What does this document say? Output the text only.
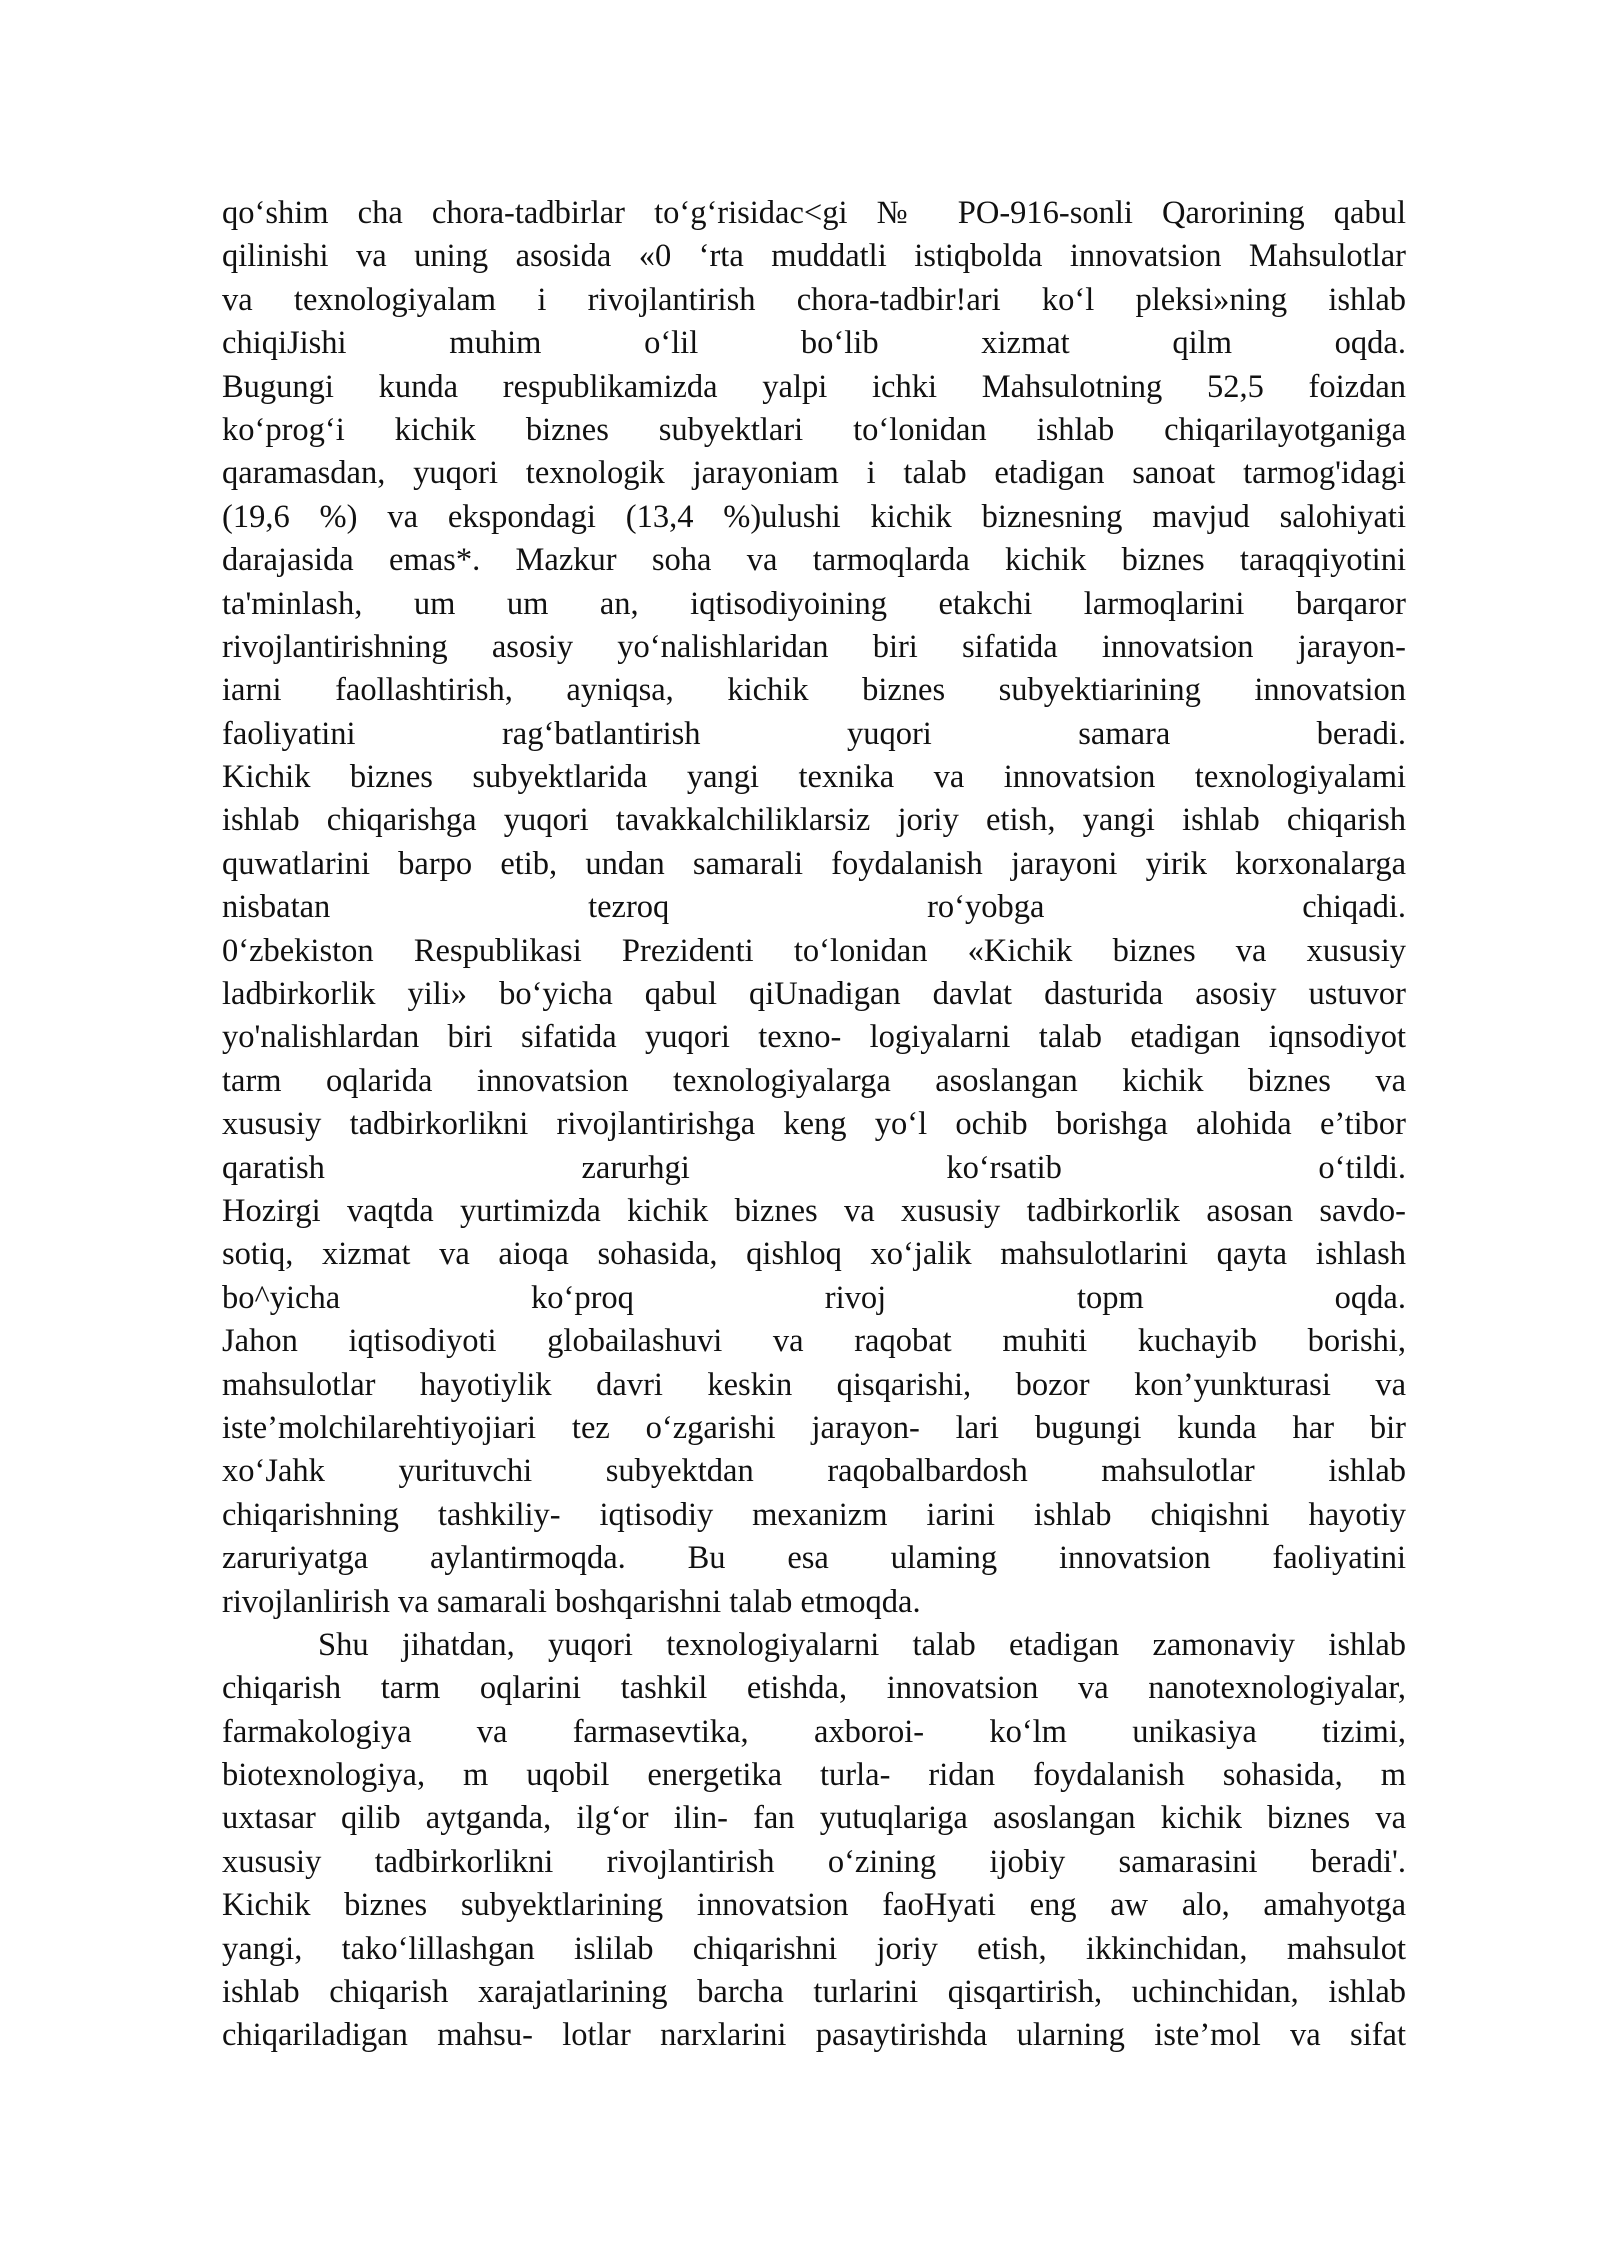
qo‘shim cha chora-tadbirlar to‘g‘risidac<gi № PO-916-sonli Qarorining qabul
qilinishi va uning asosida «0 ‘rta muddatli istiqbolda innovatsion Mahsulotlar
va texnologiyalam i rivojlantirish chora-tadbir!ari ko‘l pleksi»ning ishlab
chiqiJishi muhim o‘lil bo‘lib xizmat qilm oqda.
Bugungi kunda respublikamizda yalpi ichki Mahsulotning 52,5 foizdan
ko‘prog‘i kichik biznes subyektlari to‘lonidan ishlab chiqarilayotganiga
qaramasdan, yuqori texnologik jarayoniam i talab etadigan sanoat tarmog'idagi
(19,6 %) va ekspondagi (13,4 %)ulushi kichik biznesning mavjud salohiyati
darajasida emas*. Mazkur soha va tarmoqlarda kichik biznes taraqqiyotini
ta'minlash, um um an, iqtisodiyoining etakchi larmoqlarini barqaror
rivojlantirishning asosiy yo‘nalishlaridan biri sifatida innovatsion jarayon-
iarni faollashtirish, ayniqsa, kichik biznes subyektiarining innovatsion
faoliyatini rag‘batlantirish yuqori samara beradi.
Kichik biznes subyektlarida yangi texnika va innovatsion texnologiyalami
ishlab chiqarishga yuqori tavakkalchiliklarsiz joriy etish, yangi ishlab chiqarish
quwatlarini barpo etib, undan samarali foydalanish jarayoni yirik korxonalarga
nisbatan tezroq ro‘yobga chiqadi.
0‘zbekiston Respublikasi Prezidenti to‘lonidan «Kichik biznes va xususiy
ladbirkorlik yili» bo‘yicha qabul qiUnadigan davlat dasturida asosiy ustuvor
yo'nalishlardan biri sifatida yuqori texno- logiyalarni talab etadigan iqnsodiyot
tarm oqlarida innovatsion texnologiyalarga asoslangan kichik biznes va
xususiy tadbirkorlikni rivojlantirishga keng yo‘l ochib borishga alohida e’tibor
qaratish zarurhgi ko‘rsatib o‘tildi.
Hozirgi vaqtda yurtimizda kichik biznes va xususiy tadbirkorlik asosan savdo-
sotiq, xizmat va aioqa sohasida, qishloq xo‘jalik mahsulotlarini qayta ishlash
bo^yicha ko‘proq rivoj topm oqda.
Jahon iqtisodiyoti globailashuvi va raqobat muhiti kuchayib borishi,
mahsulotlar hayotiylik davri keskin qisqarishi, bozor kon’yunkturasi va
iste’molchilarehtiyojiari tez o‘zgarishi jarayon- lari bugungi kunda har bir
xo‘Jahk yurituvchi subyektdan raqobalbardosh mahsulotlar ishlab
chiqarishning tashkiliy- iqtisodiy mexanizm iarini ishlab chiqishni hayotiy
zaruriyatga aylantirmoqda. Bu esa ulaming innovatsion faoliyatini
rivojlanlirish va samarali boshqarishni talab etmoqda.
Shu jihatdan, yuqori texnologiyalarni talab etadigan zamonaviy ishlab
chiqarish tarm oqlarini tashkil etishda, innovatsion va nanotexnologiyalar,
farmakologiya va farmasevtika, axboroi- ko‘lm unikasiya tizimi,
biotexnologiya, m uqobil energetika turla- ridan foydalanish sohasida, m
uxtasar qilib aytganda, ilg‘or ilin- fan yutuqlariga asoslangan kichik biznes va
xususiy tadbirkorlikni rivojlantirish o‘zining ijobiy samarasini beradi'.
Kichik biznes subyektlarining innovatsion faoHyati eng aw alo, amahyotga
yangi, tako‘lillashgan islilab chiqarishni joriy etish, ikkinchidan, mahsulot
ishlab chiqarish xarajatlarining barcha turlarini qisqartirish, uchinchidan, ishlab
chiqariladigan mahsu- lotlar narxlarini pasaytirishda ularning iste’mol va sifat
